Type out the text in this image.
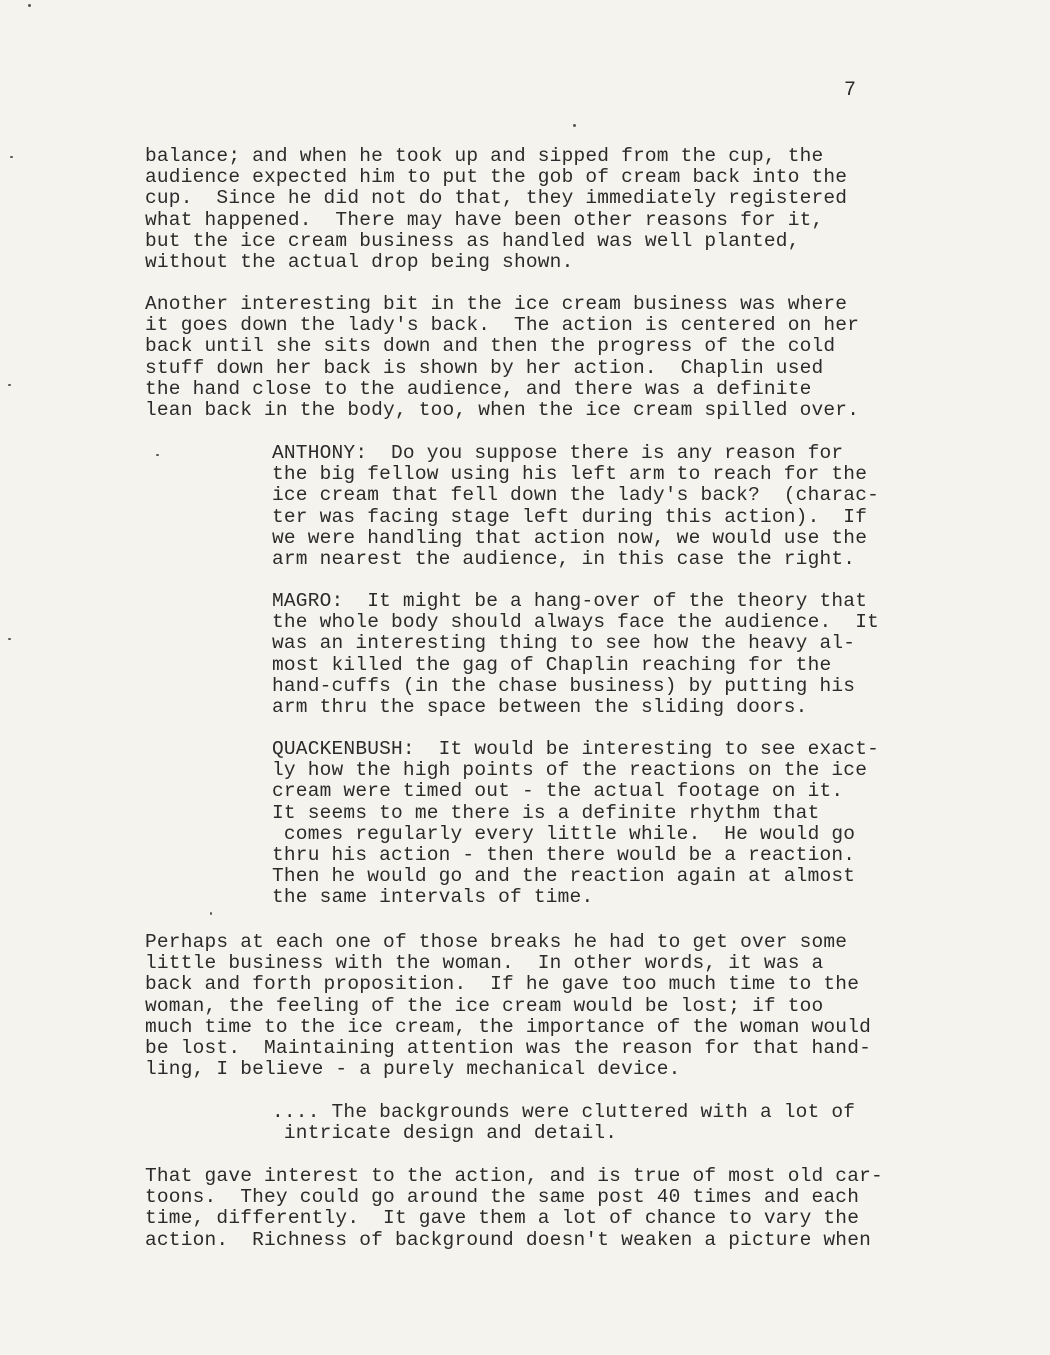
7

balance; and when he took up and sipped from the cup, the
audience expected him to put the gob of cream back into the
cup.  Since he did not do that, they immediately registered
what happened.  There may have been other reasons for it,
but the ice cream business as handled was well planted,
without the actual drop being shown.

Another interesting bit in the ice cream business was where
it goes down the lady's back.  The action is centered on her
back until she sits down and then the progress of the cold
stuff down her back is shown by her action.  Chaplin used
the hand close to the audience, and there was a definite
lean back in the body, too, when the ice cream spilled over.

ANTHONY:  Do you suppose there is any reason for
the big fellow using his left arm to reach for the
ice cream that fell down the lady's back?  (charac-
ter was facing stage left during this action).  If
we were handling that action now, we would use the
arm nearest the audience, in this case the right.

MAGRO:  It might be a hang-over of the theory that
the whole body should always face the audience.  It
was an interesting thing to see how the heavy al-
most killed the gag of Chaplin reaching for the
hand-cuffs (in the chase business) by putting his
arm thru the space between the sliding doors.

QUACKENBUSH:  It would be interesting to see exact-
ly how the high points of the reactions on the ice
cream were timed out - the actual footage on it.
It seems to me there is a definite rhythm that
comes regularly every little while.  He would go
thru his action - then there would be a reaction.
Then he would go and the reaction again at almost
the same intervals of time.

Perhaps at each one of those breaks he had to get over some
little business with the woman.  In other words, it was a
back and forth proposition.  If he gave too much time to the
woman, the feeling of the ice cream would be lost; if too
much time to the ice cream, the importance of the woman would
be lost.  Maintaining attention was the reason for that hand-
ling, I believe - a purely mechanical device.

.... The backgrounds were cluttered with a lot of
intricate design and detail.

That gave interest to the action, and is true of most old car-
toons.  They could go around the same post 40 times and each
time, differently.  It gave them a lot of chance to vary the
action.  Richness of background doesn't weaken a picture when
